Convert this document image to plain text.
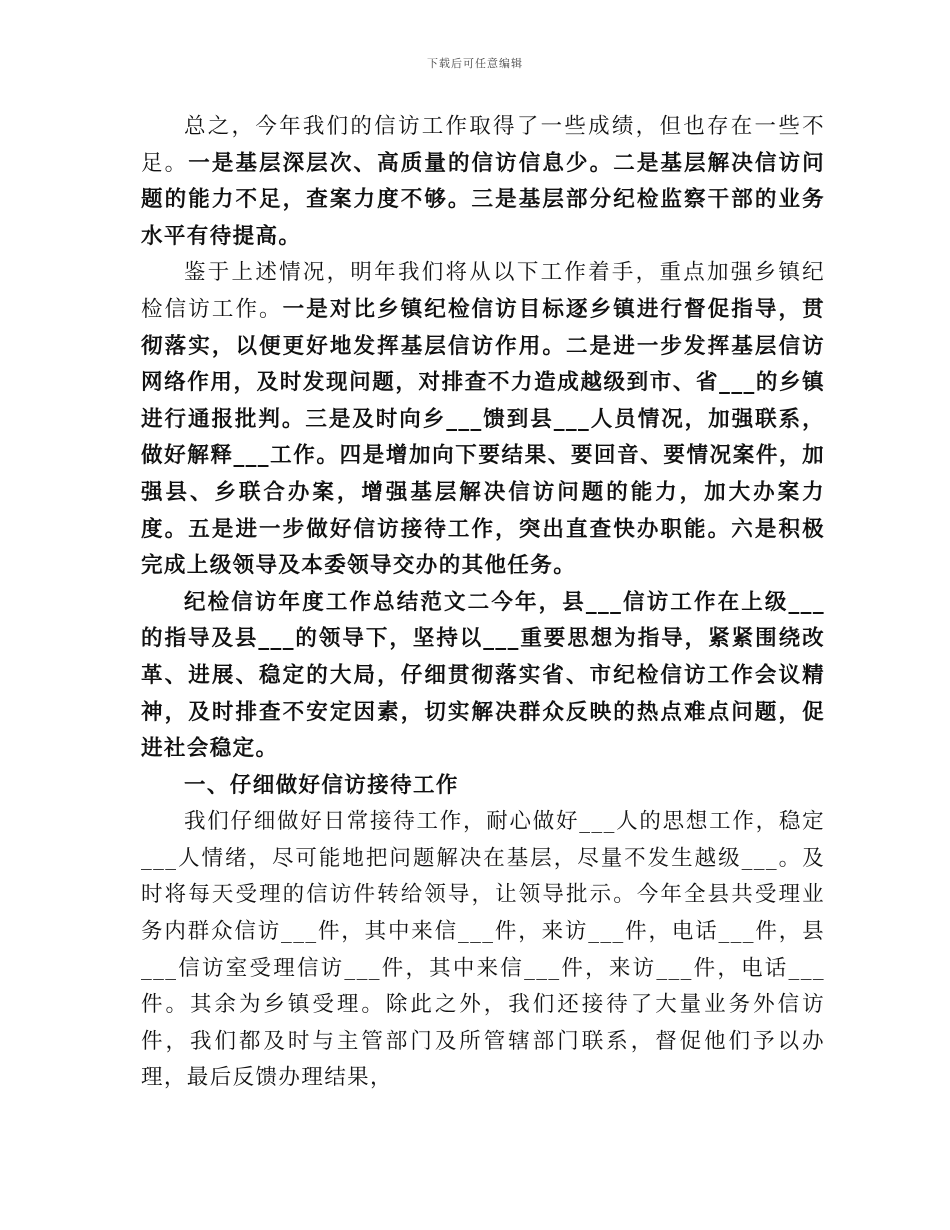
下载后可任意编辑

总之，今年我们的信访工作取得了一些成绩，但也存在一些不足。一是基层深层次、高质量的信访信息少。二是基层解决信访问题的能力不足，查案力度不够。三是基层部分纪检监察干部的业务水平有待提高。

鉴于上述情况，明年我们将从以下工作着手，重点加强乡镇纪检信访工作。一是对比乡镇纪检信访目标逐乡镇进行督促指导，贯彻落实，以便更好地发挥基层信访作用。二是进一步发挥基层信访网络作用，及时发现问题，对排查不力造成越级到市、省___的乡镇进行通报批判。三是及时向乡___馈到县___人员情况，加强联系，做好解释___工作。四是增加向下要结果、要回音、要情况案件，加强县、乡联合办案，增强基层解决信访问题的能力，加大办案力度。五是进一步做好信访接待工作，突出直查快办职能。六是积极完成上级领导及本委领导交办的其他任务。

纪检信访年度工作总结范文二今年，县___信访工作在上级___的指导及县___的领导下，坚持以___重要思想为指导，紧紧围绕改革、进展、稳定的大局，仔细贯彻落实省、市纪检信访工作会议精神，及时排查不安定因素，切实解决群众反映的热点难点问题，促进社会稳定。

一、仔细做好信访接待工作

我们仔细做好日常接待工作，耐心做好___人的思想工作，稳定___人情绪，尽可能地把问题解决在基层，尽量不发生越级___。及时将每天受理的信访件转给领导，让领导批示。今年全县共受理业务内群众信访___件，其中来信___件，来访___件，电话___件，县___信访室受理信访___件，其中来信___件，来访___件，电话___件。其余为乡镇受理。除此之外，我们还接待了大量业务外信访件，我们都及时与主管部门及所管辖部门联系，督促他们予以办理，最后反馈办理结果，
